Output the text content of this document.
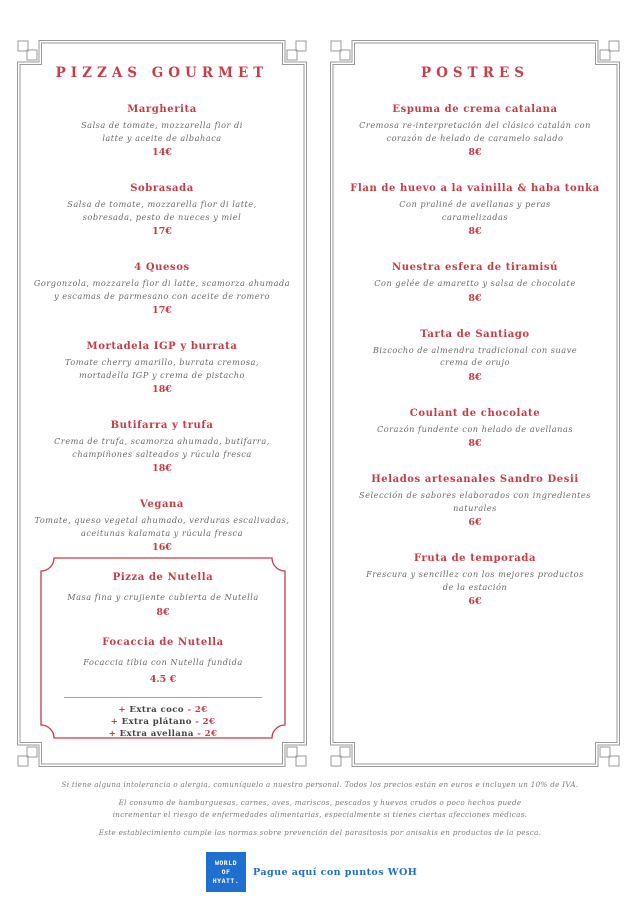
PIZZAS GOURMET
Margherita
Salsa de tomate, mozzarella fior di latte y aceite de albahaca
14€
Sobrasada
Salsa de tomate, mozzarella fior di latte, sobresada, pesto de nueces y miel
17€
4 Quesos
Gorgonzola, mozzarela fior di latte, scamorza ahumada y escamas de parmesano con aceite de romero
17€
Mortadela IGP y burrata
Tomate cherry amarillo, burrata cremosa, mortadella IGP y crema de pistacho
18€
Butifarra y trufa
Crema de trufa, scamorza ahumada, butifarra, champiñones salteados y rúcula fresca
18€
Vegana
Tomate, queso vegetal ahumado, verduras escalivadas, aceitunas kalamata y rúcula fresca
16€
Pizza de Nutella
Masa fina y crujiente cubierta de Nutella
8€
Focaccia de Nutella
Focaccia tibia con Nutella fundida
4.5 €
+ Extra coco - 2€
+ Extra plátano - 2€
+ Extra avellana - 2€
POSTRES
Espuma de crema catalana
Cremosa re-interpretación del clásico catalán con corazón de helado de caramelo salado
8€
Flan de huevo a la vainilla & haba tonka
Con praliné de avellanas y peras caramelizadas
8€
Nuestra esfera de tiramisú
Con gelée de amaretto y salsa de chocolate
8€
Tarta de Santiago
Bizcocho de almendra tradicional con suave crema de orujo
8€
Coulant de chocolate
Corazón fundente con helado de avellanas
8€
Helados artesanales Sandro Desii
Selección de sabores elaborados con ingredientes naturales
6€
Fruta de temporada
Frescura y sencillez con los mejores productos de la estación
6€
Si tiene alguna intolerancia o alergia, comuníquelo a nuestro personal. Todos los precios están en euros e incluyen un 10% de IVA.
El consumo de hamburguesas, carnes, aves, mariscos, pescados y huevos crudos o poco hechos puede
incrementar el riesgo de enfermedades alimentarias, especialmente si tienes ciertas afecciones médicas.
Este establecimiento cumple las normas sobre prevención del parasitosis por anisakis en productos de la pesca.
WORLD
OF
HYATT.
Pague aquí con puntos WOH
